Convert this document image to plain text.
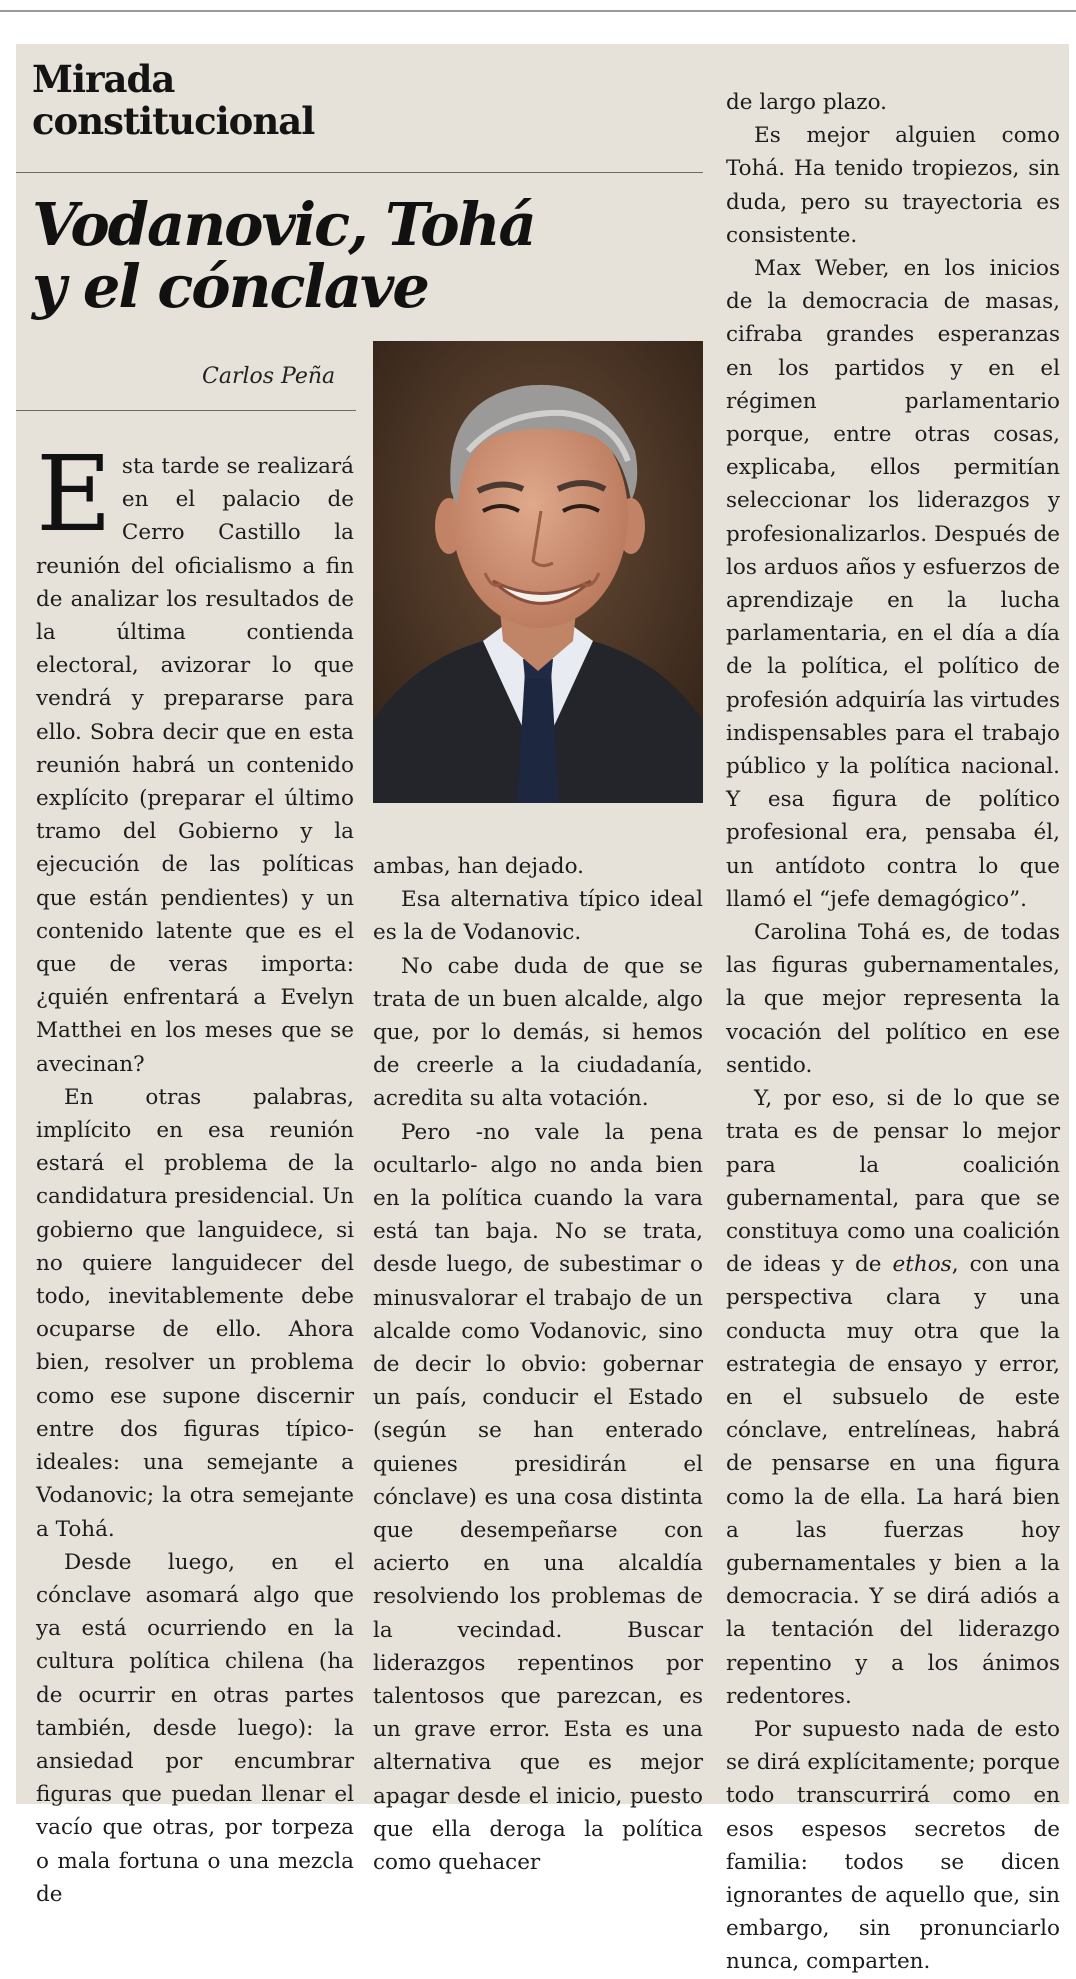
Mirada constitucional
Vodanovic, Tohá y el cónclave
Carlos Peña

E sta tarde se realizará en el palacio de Cerro Castillo la reunión del oficialismo a fin de analizar los resultados de la última contienda electoral, avizorar lo que vendrá y prepararse para ello. Sobra decir que en esta reunión habrá un contenido explícito (preparar el último tramo del Gobierno y la ejecución de las políticas que están pendientes) y un contenido latente que es el que de veras importa: ¿quién enfrentará a Evelyn Matthei en los meses que se avecinan?

En otras palabras, implícito en esa reunión estará el problema de la candidatura presidencial. Un gobierno que languidece, si no quiere languidecer del todo, inevitablemente debe ocuparse de ello. Ahora bien, resolver un problema como ese supone discernir entre dos figuras típico-ideales: una semejante a Vodanovic; la otra semejante a Tohá.

Desde luego, en el cónclave asomará algo que ya está ocurriendo en la cultura política chilena (ha de ocurrir en otras partes también, desde luego): la ansiedad por encumbrar figuras que puedan llenar el vacío que otras, por torpeza o mala fortuna o una mezcla de

ambas, han dejado.

Esa alternativa típico ideal es la de Vodanovic.

No cabe duda de que se trata de un buen alcalde, algo que, por lo demás, si hemos de creerle a la ciudadanía, acredita su alta votación.

Pero -no vale la pena ocultarlo- algo no anda bien en la política cuando la vara está tan baja. No se trata, desde luego, de subestimar o minusvalorar el trabajo de un alcalde como Vodanovic, sino de decir lo obvio: gobernar un país, conducir el Estado (según se han enterado quienes presidirán el cónclave) es una cosa distinta que desempeñarse con acierto en una alcaldía resolviendo los problemas de la vecindad. Buscar liderazgos repentinos por talentosos que parezcan, es un grave error. Esta es una alternativa que es mejor apagar desde el inicio, puesto que ella deroga la política como quehacer

de largo plazo.

Es mejor alguien como Tohá. Ha tenido tropiezos, sin duda, pero su trayectoria es consistente.

Max Weber, en los inicios de la democracia de masas, cifraba grandes esperanzas en los partidos y en el régimen parlamentario porque, entre otras cosas, explicaba, ellos permitían seleccionar los liderazgos y profesionalizarlos. Después de los arduos años y esfuerzos de aprendizaje en la lucha parlamentaria, en el día a día de la política, el político de profesión adquiría las virtudes indispensables para el trabajo público y la política nacional. Y esa figura de político profesional era, pensaba él, un antídoto contra lo que llamó el “jefe demagógico”.

Carolina Tohá es, de todas las figuras gubernamentales, la que mejor representa la vocación del político en ese sentido.

Y, por eso, si de lo que se trata es de pensar lo mejor para la coalición gubernamental, para que se constituya como una coalición de ideas y de ethos, con una perspectiva clara y una conducta muy otra que la estrategia de ensayo y error, en el subsuelo de este cónclave, entrelíneas, habrá de pensarse en una figura como la de ella. La hará bien a las fuerzas hoy gubernamentales y bien a la democracia. Y se dirá adiós a la tentación del liderazgo repentino y a los ánimos redentores.

Por supuesto nada de esto se dirá explícitamente; porque todo transcurrirá como en esos espesos secretos de familia: todos se dicen ignorantes de aquello que, sin embargo, sin pronunciarlo nunca, comparten.
